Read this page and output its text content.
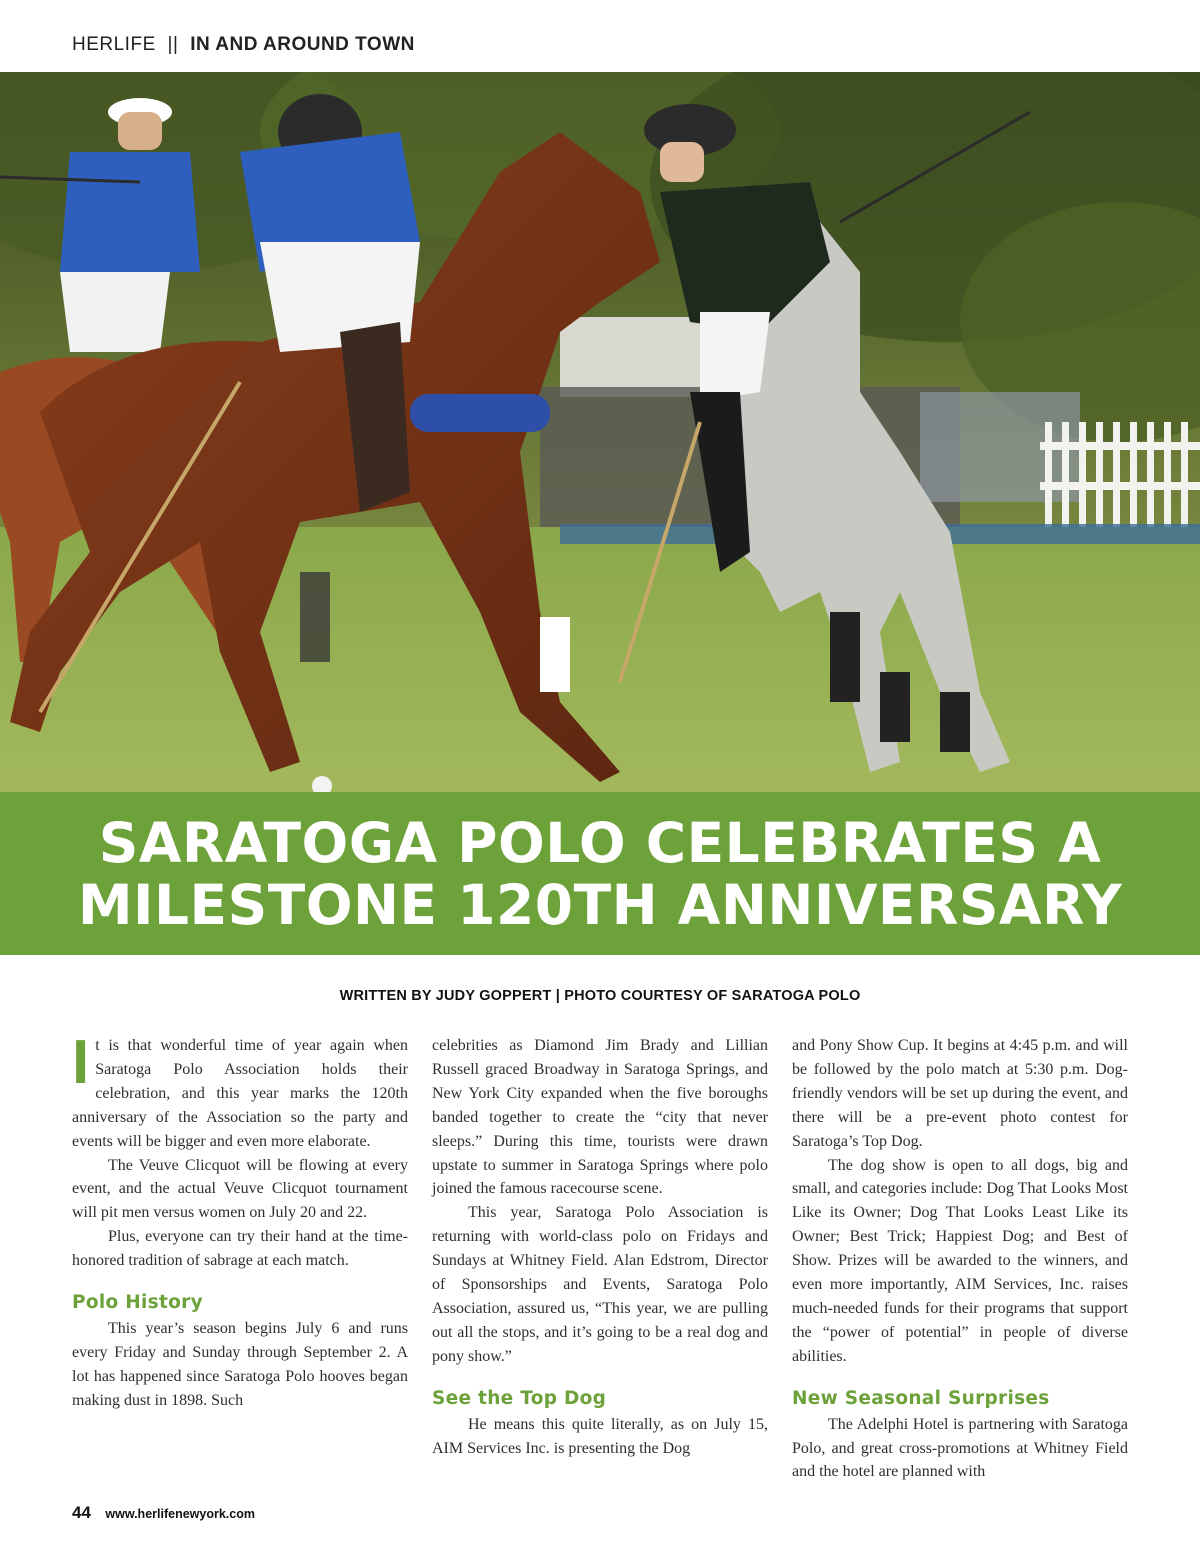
HERLIFE || IN AND AROUND TOWN
SARATOGA POLO CELEBRATES A
MILESTONE 120TH ANNIVERSARY
WRITTEN BY JUDY GOPPERT | PHOTO COURTESY OF SARATOGA POLO

It is that wonderful time of year again when Saratoga Polo Association holds their celebration, and this year marks the 120th anniversary of the Association so the party and events will be bigger and even more elaborate.

The Veuve Clicquot will be flowing at every event, and the actual Veuve Clicquot tournament will pit men versus women on July 20 and 22.

Plus, everyone can try their hand at the time-honored tradition of sabrage at each match.

Polo History

This year’s season begins July 6 and runs every Friday and Sunday through September 2. A lot has happened since Saratoga Polo hooves began making dust in 1898. Such

celebrities as Diamond Jim Brady and Lillian Russell graced Broadway in Saratoga Springs, and New York City expanded when the five boroughs banded together to create the “city that never sleeps.” During this time, tourists were drawn upstate to summer in Saratoga Springs where polo joined the famous racecourse scene.

This year, Saratoga Polo Association is returning with world-class polo on Fridays and Sundays at Whitney Field. Alan Edstrom, Director of Sponsorships and Events, Saratoga Polo Association, assured us, “This year, we are pulling out all the stops, and it’s going to be a real dog and pony show.”

See the Top Dog

He means this quite literally, as on July 15, AIM Services Inc. is presenting the Dog

and Pony Show Cup. It begins at 4:45 p.m. and will be followed by the polo match at 5:30 p.m. Dog-friendly vendors will be set up during the event, and there will be a pre-event photo contest for Saratoga’s Top Dog.

The dog show is open to all dogs, big and small, and categories include: Dog That Looks Most Like its Owner; Dog That Looks Least Like its Owner; Best Trick; Happiest Dog; and Best of Show. Prizes will be awarded to the winners, and even more importantly, AIM Services, Inc. raises much-needed funds for their programs that support the “power of potential” in people of diverse abilities.

New Seasonal Surprises

The Adelphi Hotel is partnering with Saratoga Polo, and great cross-promotions at Whitney Field and the hotel are planned with

44 www.herlifenewyork.com
